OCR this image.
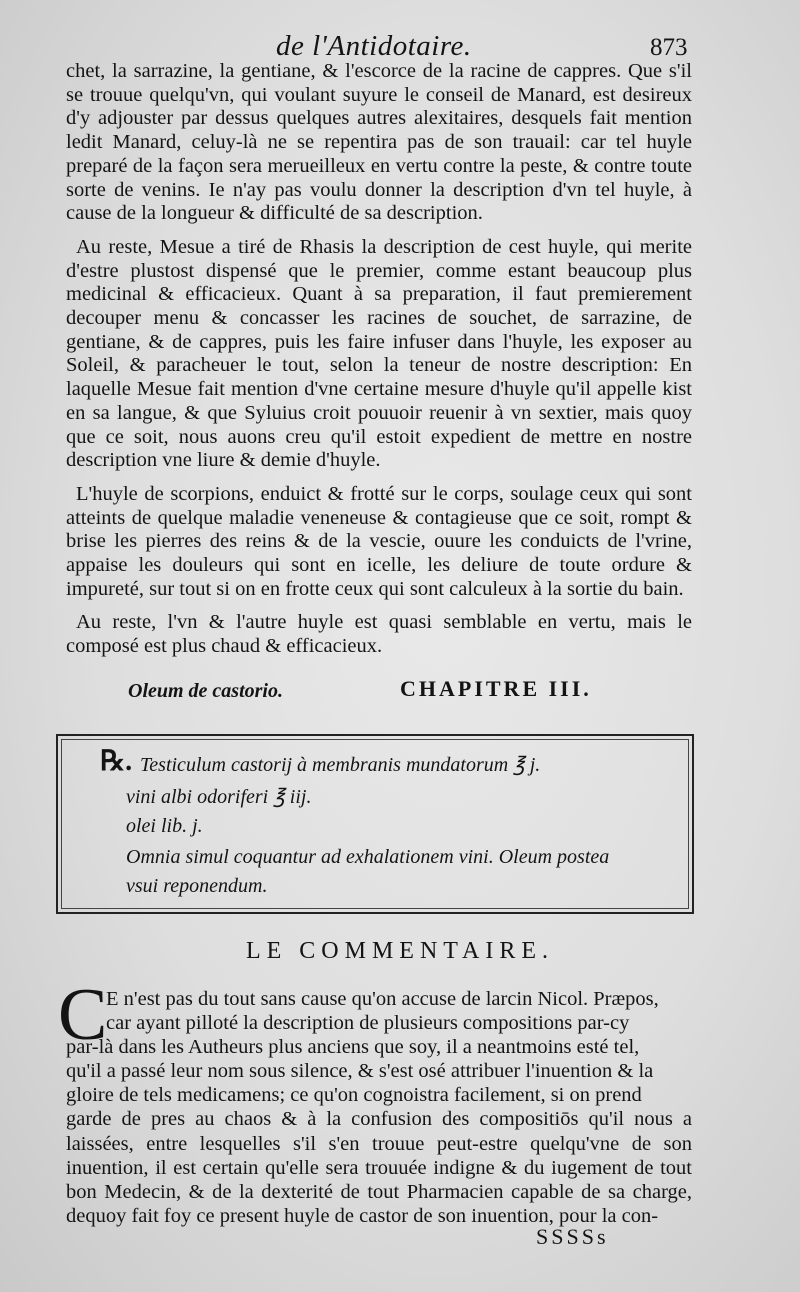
de l'Antidotaire.	873

chet, la sarrazine, la gentiane, & l'escorce de la racine de cappres. Que s'il se trouue quelqu'vn, qui voulant suyure le conseil de Manard, est desireux d'y adjouster par dessus quelques autres alexitaires, desquels fait mention ledit Manard, celuy-là ne se repentira pas de son trauail: car tel huyle preparé de la façon sera merueilleux en vertu contre la peste, & contre toute sorte de venins. Ie n'ay pas voulu donner la description d'vn tel huyle, à cause de la longueur & difficulté de sa description.

Au reste, Mesue a tiré de Rhasis la description de cest huyle, qui merite d'estre plustost dispensé que le premier, comme estant beaucoup plus medicinal & efficacieux. Quant à sa preparation, il faut premierement decouper menu & concasser les racines de souchet, de sarrazine, de gentiane, & de cappres, puis les faire infuser dans l'huyle, les exposer au Soleil, & paracheuer le tout, selon la teneur de nostre description: En laquelle Mesue fait mention d'vne certaine mesure d'huyle qu'il appelle kist en sa langue, & que Syluius croit pouuoir reuenir à vn sextier, mais quoy que ce soit, nous auons creu qu'il estoit expedient de mettre en nostre description vne liure & demie d'huyle.

L'huyle de scorpions, enduict & frotté sur le corps, soulage ceux qui sont atteints de quelque maladie veneneuse & contagieuse que ce soit, rompt & brise les pierres des reins & de la vescie, ouure les conduicts de l'vrine, appaise les douleurs qui sont en icelle, les deliure de toute ordure & impureté, sur tout si on en frotte ceux qui sont calculeux à la sortie du bain.

Au reste, l'vn & l'autre huyle est quasi semblable en vertu, mais le composé est plus chaud & efficacieux.

Oleum de castorio.	CHAPITRE III.
℞. Testiculum castorij à membranis mundatorum ℥ j.
vini albi odoriferi ℥ iij.
olei lib. j.
Omnia simul coquantur ad exhalationem vini. Oleum postea
vsui reponendum.
LE COMMENTAIRE.
C
E n'est pas du tout sans cause qu'on accuse de larcin Nicol. Præpos,
car ayant pilloté la description de plusieurs compositions par-cy
par-là dans les Autheurs plus anciens que soy, il a neantmoins esté tel,
qu'il a passé leur nom sous silence, & s'est osé attribuer l'inuention & la
gloire de tels medicamens; ce qu'on cognoistra facilement, si on prend
garde de pres au chaos & à la confusion des compositiōs qu'il nous a laissées, entre lesquelles s'il s'en trouue peut-estre quelqu'vne de son inuention, il est certain qu'elle sera trouuée indigne & du iugement de tout bon Medecin, & de la dexterité de tout Pharmacien capable de sa charge, dequoy fait foy ce present huyle de castor de son inuention, pour la con-
SSSSs
